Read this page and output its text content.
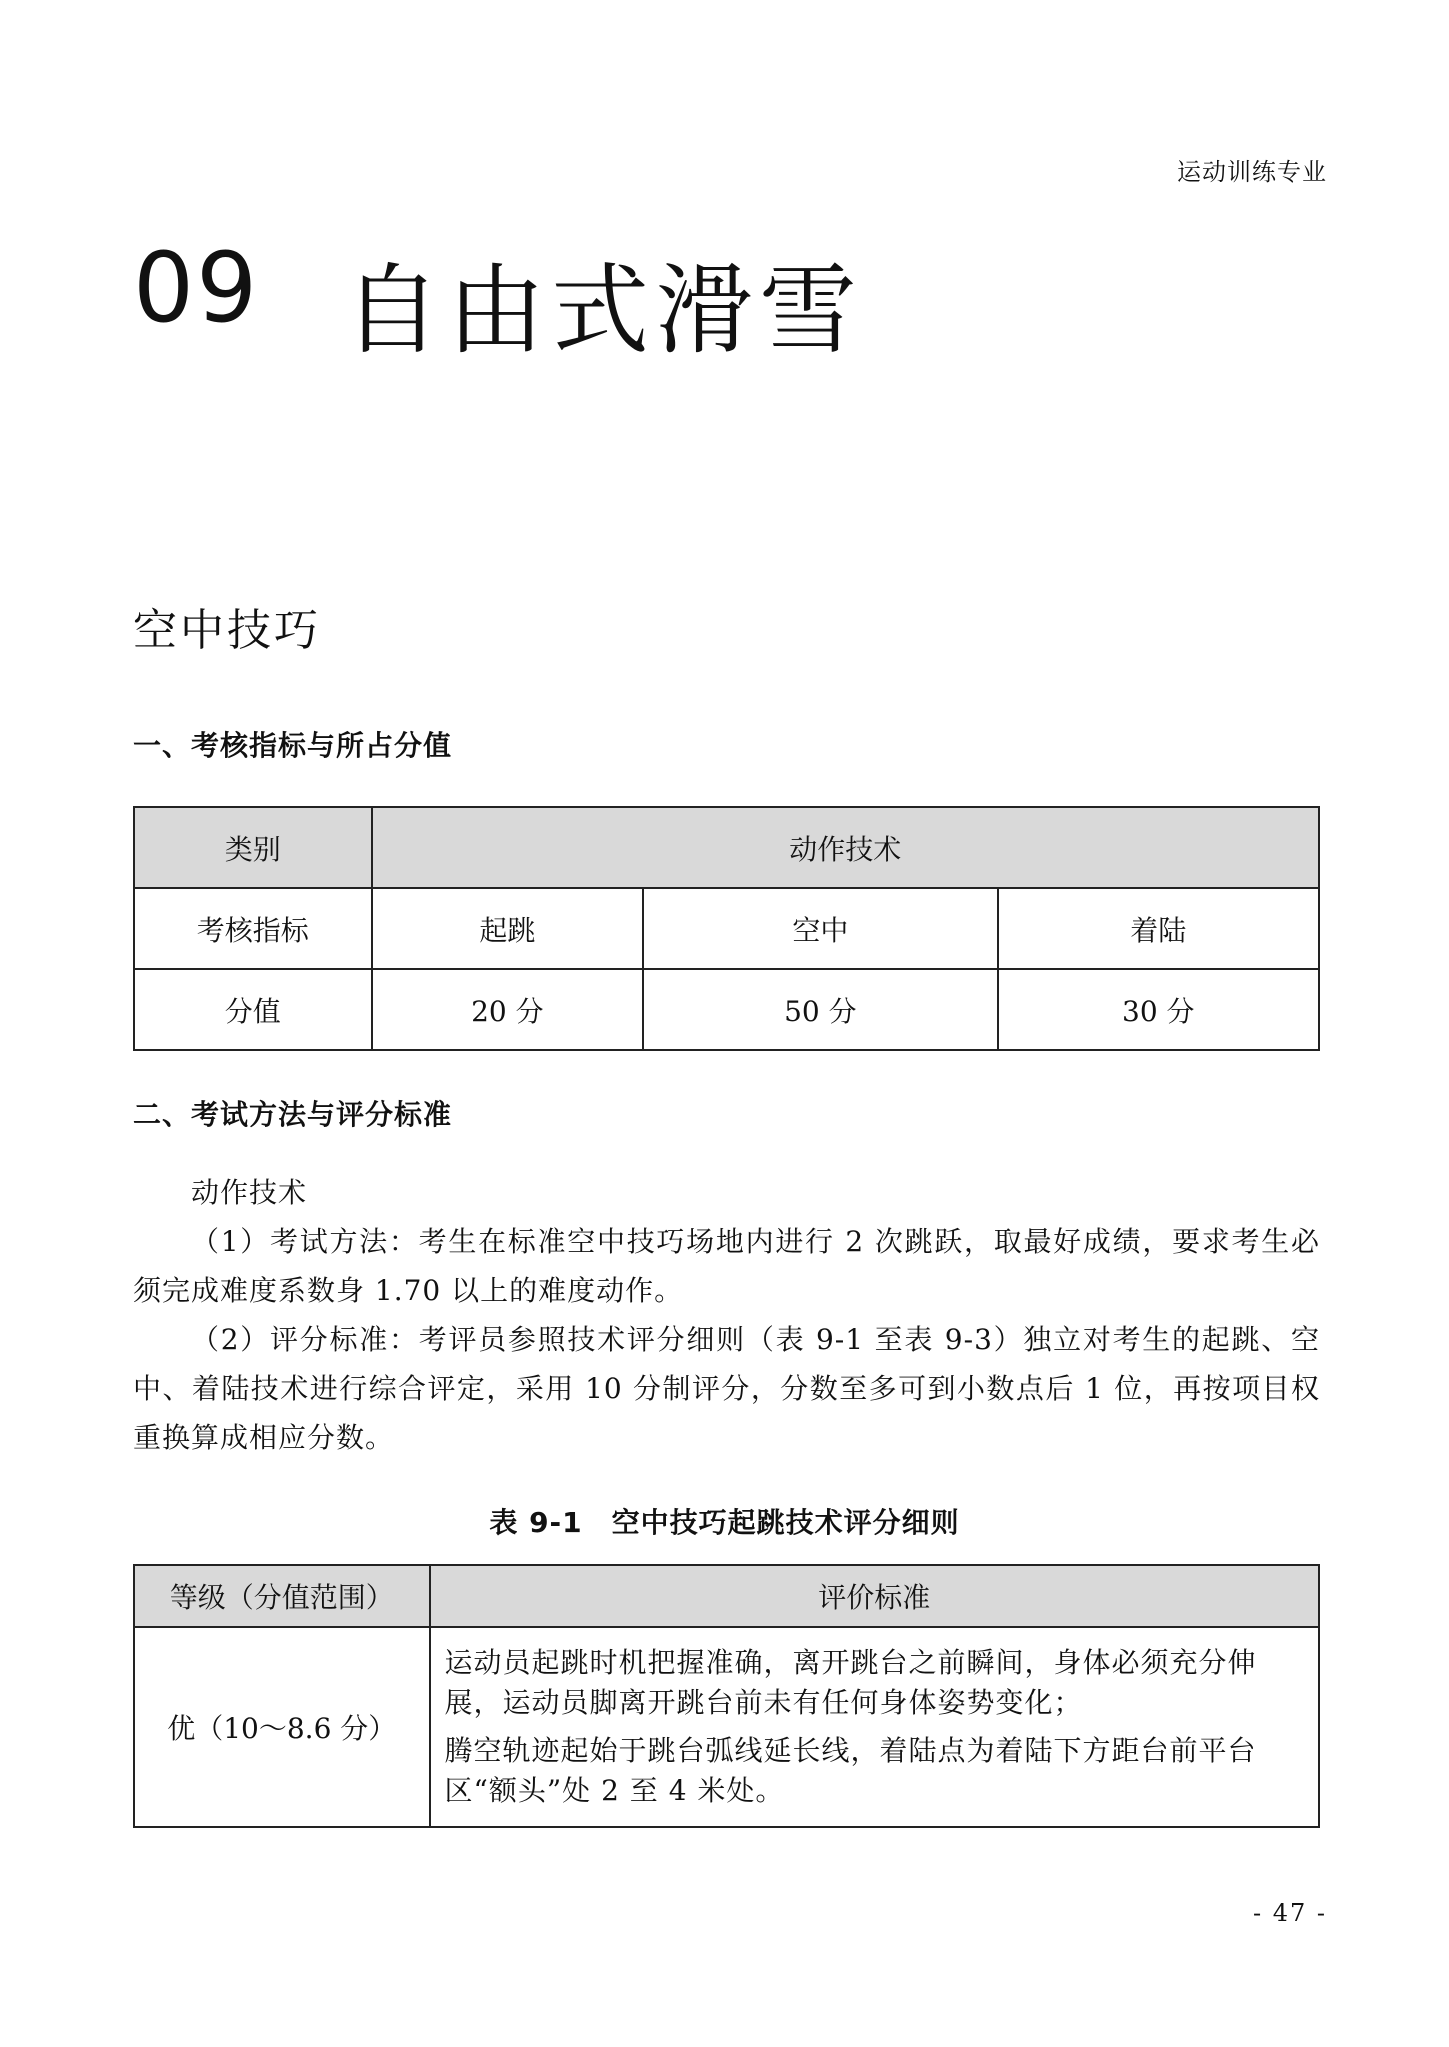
运动训练专业
09 自由式滑雪
空中技巧
一、考核指标与所占分值
类别	动作技术		
考核指标	起跳	空中	着陆
分值	20 分	50 分	30 分
二、考试方法与评分标准
动作技术
（1）考试方法：考生在标准空中技巧场地内进行 2 次跳跃，取最好成绩，要求考生必须完成难度系数身 1.70 以上的难度动作。
（2）评分标准：考评员参照技术评分细则（表 9-1 至表 9-3）独立对考生的起跳、空中、着陆技术进行综合评定，采用 10 分制评分，分数至多可到小数点后 1 位，再按项目权重换算成相应分数。
表 9-1　空中技巧起跳技术评分细则
等级（分值范围）	评价标准
优（10～8.6 分）	运动员起跳时机把握准确，离开跳台之前瞬间，身体必须充分伸展，运动员脚离开跳台前未有任何身体姿势变化；
腾空轨迹起始于跳台弧线延长线，着陆点为着陆下方距台前平台区“额头”处 2 至 4 米处。
- 47 -
